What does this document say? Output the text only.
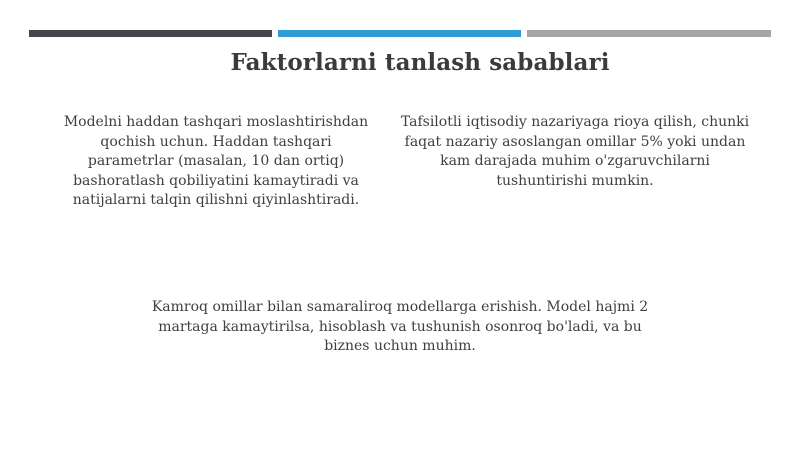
Faktorlarni tanlash sabablari

Modelni haddan tashqari moslashtirishdan qochish uchun. Haddan tashqari parametrlar (masalan, 10 dan ortiq) bashoratlash qobiliyatini kamaytiradi va natijalarni talqin qilishni qiyinlashtiradi.

Tafsilotli iqtisodiy nazariyaga rioya qilish, chunki faqat nazariy asoslangan omillar 5% yoki undan kam darajada muhim o'zgaruvchilarni tushuntirishi mumkin.

Kamroq omillar bilan samaraliroq modellarga erishish. Model hajmi 2 martaga kamaytirilsa, hisoblash va tushunish osonroq bo'ladi, va bu biznes uchun muhim.
